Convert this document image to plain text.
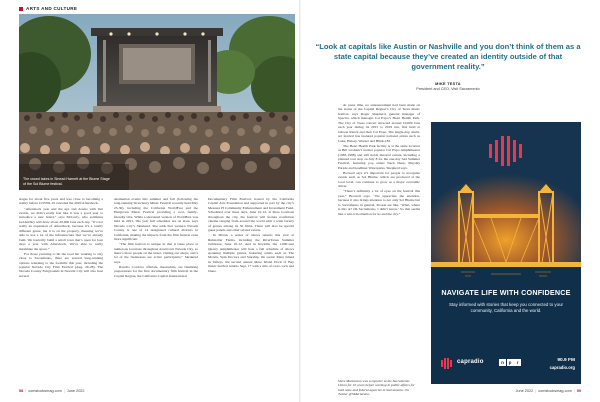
ARTS AND CULTURE
The crowd takes in Sinead Harnett at the Blume Stage of the Sol Blume festival.

stages for about five years and was close to becoming a reality before COVID-19 canceled the 2020 Aftershock.

“Aftershock year and the ups and downs with live events, we didn’t really feel like it was a good year to introduce a new brand,” says McCarty, who estimates GoldenSky will draw about 20,000 fans each day. “It’s not really an expansion of Aftershock; because it’s a totally different genre, but it is on the property, meaning we’re able to use a lot of the infrastructure that we’ve already built. We basically build a small town that’s open for four days a year with Aftershock. We’re able to really maximize the space.”

For those yearning to hit the road but wanting to stay close to Sacramento, there are several long-running options returning to the foothills this year, including the popular Nevada City Film Festival (Aug. 26-28). The Nevada County Fairgrounds in Nevada City will also host several

destination events this summer and fall (following the long-running Strawberry Music Festival recently held May 25-30), including the California WorldFest and the Hangtown Music Festival providing a cool, family-friendly vibe. While a shortened version of WorldFest was held in 2021, this year full schedules are on slate, says Nevada City’s Skrukrud. She adds that western Nevada County is one of 14 designated cultural districts in California, making the impacts from the film festival even more significant.

“The film festival is unique in that it takes place at numerous locations throughout downtown Nevada City, so there’s more people on the street, visiting our shops, and a lot of the businesses are active participants,” Skrukrud says.

Rancho Cordova officials, meanwhile, are finalizing preparations for the first documentary film festival in the Capital Region, the California Capital International

Documentary Film Festival, hosted by the California Capital Arts Foundation and supported in part by the city’s Measure H Community Enhancement and Investment Fund. Scheduled over three days, June 10-12, at three locations throughout the city, the festival will feature nonfiction cinema ranging from around the world with a wide variety of genres among its 50 films. There will also be special guest panels and other related events.

In Dixon, a series of shows returns this year at Ruhstaller Farms, including the RiverTaxes Summer Jamboree, June 10-12. And in Rocklin, the 1,000-seat Quarry Amphitheater will host a full schedule of shows spanning multiple genres, featuring artists such as The Motels, Spin Doctors and Starship. On scenic Mare Island in Vallejo, the second annual Mare Island Dock of Bay music festival returns Sept. 17 with a mix of roots, rock and blues.

“Look at capitals like Austin or Nashville and you don’t think of them as a state capital because they’ve created an identity outside of that government reality.”
MIKE TESTA
President and CEO, Visit Sacramento

At press time, no announcement had been made on the status of the Capital Region’s City of Trees music festival, says Roger Shepherd, general manager of Spectra, which manages Cal Expo’s Heart Health Park. The City of Trees concert attracted around 10,000 fans each year during its 2015 to 2019 run, first held at Gibson Ranch and then Cal Expo. The single-day, multi-act festival has featured popular national artists such as Cake, Halsey, Weezer and Blink-182.

The Heart Health Park facility is at the same location as Bill Graham’s former popular Cal Expo Amphitheater (1983-1998) and still holds musical events, including a planned tour stop on July 8 for the one-day Sad Summer Festival, featuring pop artists Neck Deep, Mayday Parade and headliner Waterparks, Shepherd says.

Boswell says it’s important for people to recognize events such as Sol Blume, which are produced at the local level, can continue to grow as a major economic driver.

“There’s definitely a lot of eyes on the festival this year,” Boswell says. “We appreciate the attention, because it also brings attention to not only Sol Blume but to Sacramento in general. People are like, ‘What, where is this at? Oh Sacramento, I didn’t know.’ So that seems like a win-win situation for us and the city.”

Steve Martarano was a reporter at the Sacramento Union for 10 years before working in public affairs for both state and federal agencies in Sacramento. On Twitter @SMartarano.
NAVIGATE LIFE WITH CONFIDENCE
Stay informed with stories that keep you connected to your community, California and the world.
capradio	n	p	r	90.9 FM
capradio.org
58 | comstocksmag.com | June 2022	June 2022 | comstocksmag.com | 59
